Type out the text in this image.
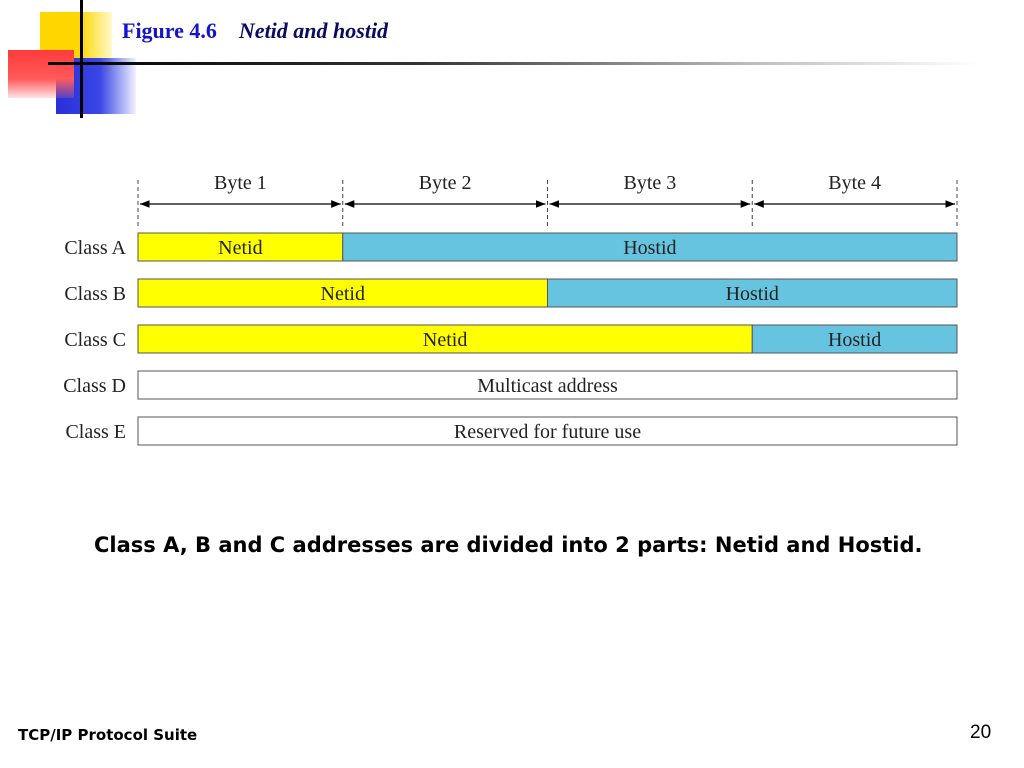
Figure 4.6 Netid and hostid
Byte 1	Byte 2	Byte 3	Byte 4
Class A	Netid	Hostid
Class B	Netid	Hostid
Class C	Netid	Hostid
Class D	Multicast address
Class E	Reserved for future use

Class A, B and C addresses are divided into 2 parts: Netid and Hostid.

TCP/IP Protocol Suite	20
